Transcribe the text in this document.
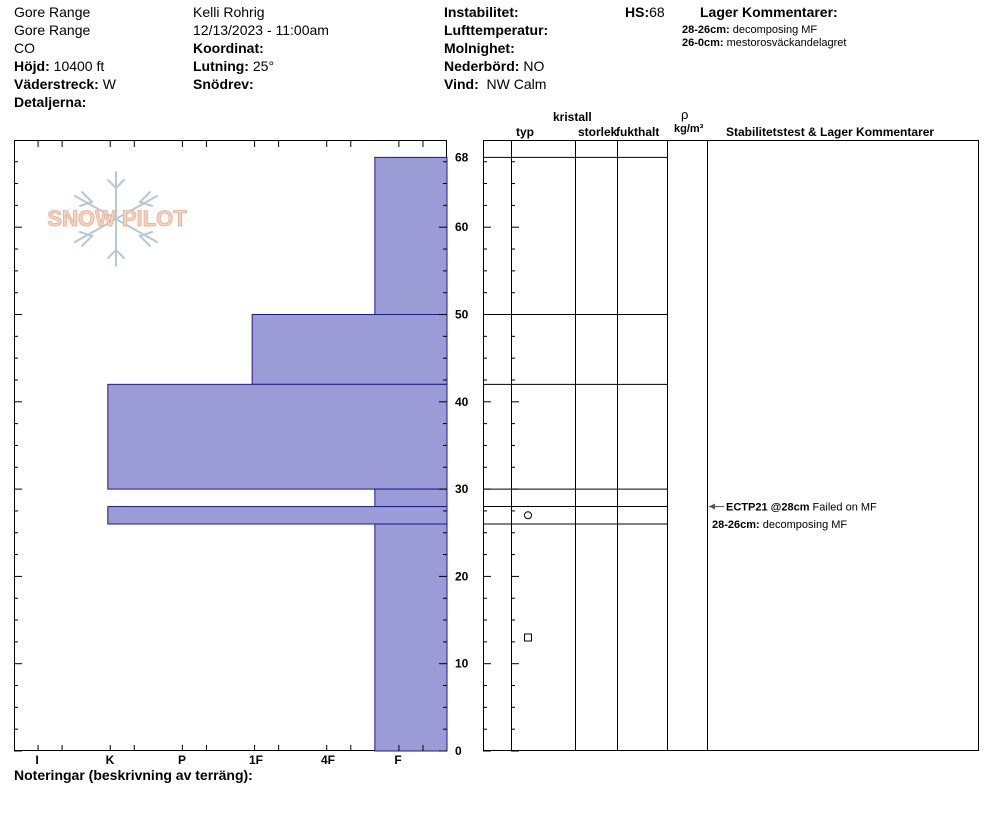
Gore Range
Gore Range
CO
Höjd: 10400 ft
Väderstreck: W
Detaljerna:
Kelli Rohrig
12/13/2023 - 11:00am
Koordinat:
Lutning: 25°
Snödrev:
Instabilitet:
Lufttemperatur:
Molnighet:
Nederbörd: NO
Vind: NW Calm
HS:68	Lager Kommentarer:
28-26cm: decomposing MF
26-0cm: mestorosväckandelagret
kristall
typ	storlek
fukthalt
ρ
kg/m³ Stabilitetstest & Lager Kommentarer
SNOW PILOT
0
10
20
30
40
50
60
68
I	K	P	1F	4F	F
ECTP21 @28cm Failed on MF
28-26cm: decomposing MF
Noteringar (beskrivning av terräng):
